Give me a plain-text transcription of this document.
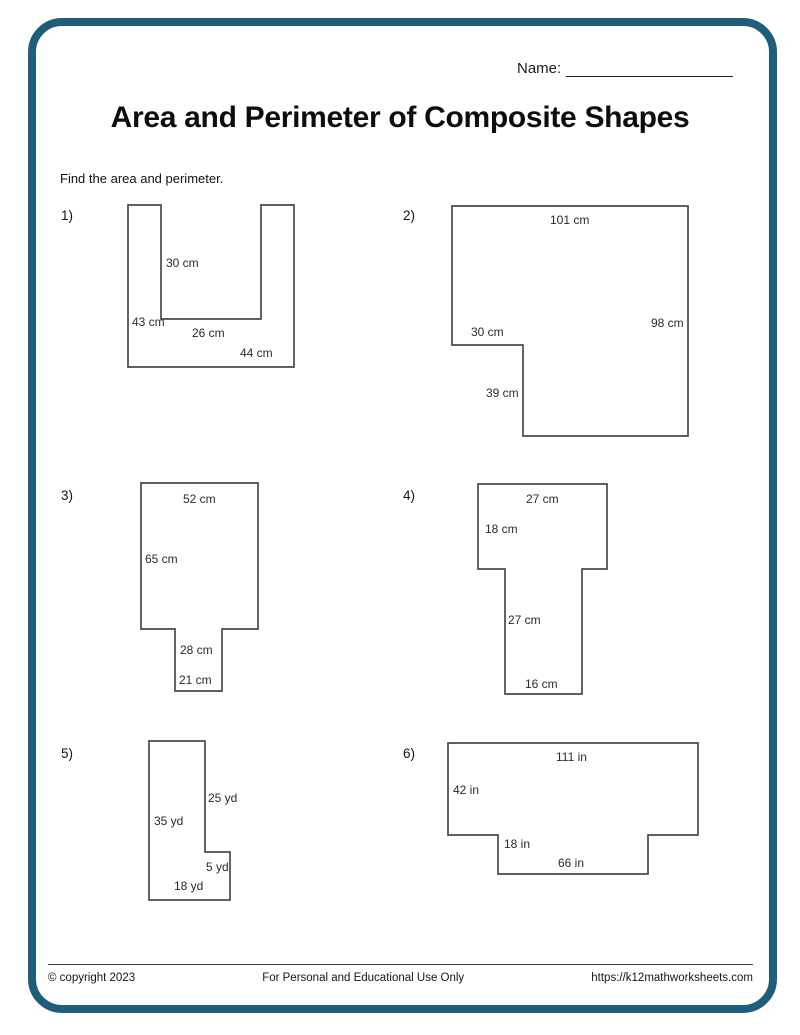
Name:
Area and Perimeter of Composite Shapes
Find the area and perimeter.
1)
30 cm
43 cm
26 cm
44 cm
2)	101 cm
98 cm
30 cm
39 cm
3)	52 cm
65 cm
28 cm
21 cm
4)	27 cm
18 cm
27 cm
16 cm
5)
25 yd
35 yd
5 yd
18 yd
6)	111 in
42 in
18 in
66 in
© copyright 2023	For Personal and Educational Use Only	https://k12mathworksheets.com
